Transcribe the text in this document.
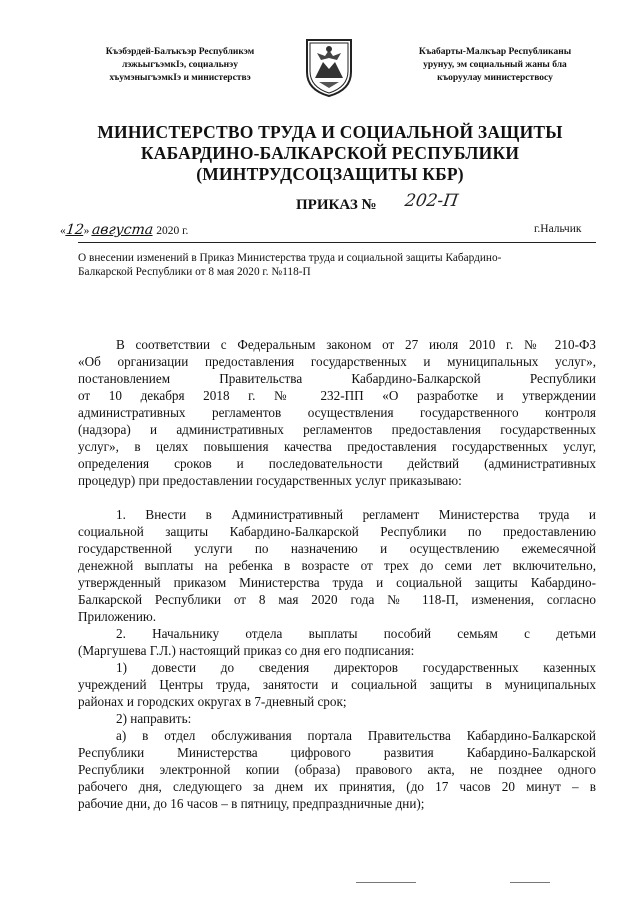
Къэбэрдей-Балъкъэр Республикэм
лэжьыгъэмкIэ, социальнэу
хъумэныгъэмкIэ и министерствэ
Къабарты-Малкъар Республиканы
урунуу, эм социальный жаны бла
къоруулау министерствосу
МИНИСТЕРСТВО ТРУДА И СОЦИАЛЬНОЙ ЗАЩИТЫ
КАБАРДИНО-БАЛКАРСКОЙ РЕСПУБЛИКИ
(МИНТРУДСОЦЗАЩИТЫ КБР)
ПРИКАЗ № 202-П
«12» августа 2020 г.	г.Нальчик
О внесении изменений в Приказ Министерства труда и социальной защиты Кабардино-
Балкарской Республики от 8 мая 2020 г. №118-П
В соответствии с Федеральным законом от 27 июля 2010 г. № 210-ФЗ
«Об организации предоставления государственных и муниципальных услуг»,
постановлением Правительства Кабардино-Балкарской Республики
от 10 декабря 2018 г. № 232-ПП «О разработке и утверждении
административных регламентов осуществления государственного контроля
(надзора) и административных регламентов предоставления государственных
услуг», в целях повышения качества предоставления государственных услуг,
определения сроков и последовательности действий (административных
процедур) при предоставлении государственных услуг приказываю:
1. Внести в Административный регламент Министерства труда и
социальной защиты Кабардино-Балкарской Республики по предоставлению
государственной услуги по назначению и осуществлению ежемесячной
денежной выплаты на ребенка в возрасте от трех до семи лет включительно,
утвержденный приказом Министерства труда и социальной защиты Кабардино-
Балкарской Республики от 8 мая 2020 года № 118-П, изменения, согласно
Приложению.
2. Начальнику отдела выплаты пособий семьям с детьми
(Маргушева Г.Л.) настоящий приказ со дня его подписания:
1) довести до сведения директоров государственных казенных
учреждений Центры труда, занятости и социальной защиты в муниципальных
районах и городских округах в 7-дневный срок;
2) направить:
а) в отдел обслуживания портала Правительства Кабардино-Балкарской
Республики Министерства цифрового развития Кабардино-Балкарской
Республики электронной копии (образа) правового акта, не позднее одного
рабочего дня, следующего за днем их принятия, (до 17 часов 20 минут – в
рабочие дни, до 16 часов – в пятницу, предпраздничные дни);
